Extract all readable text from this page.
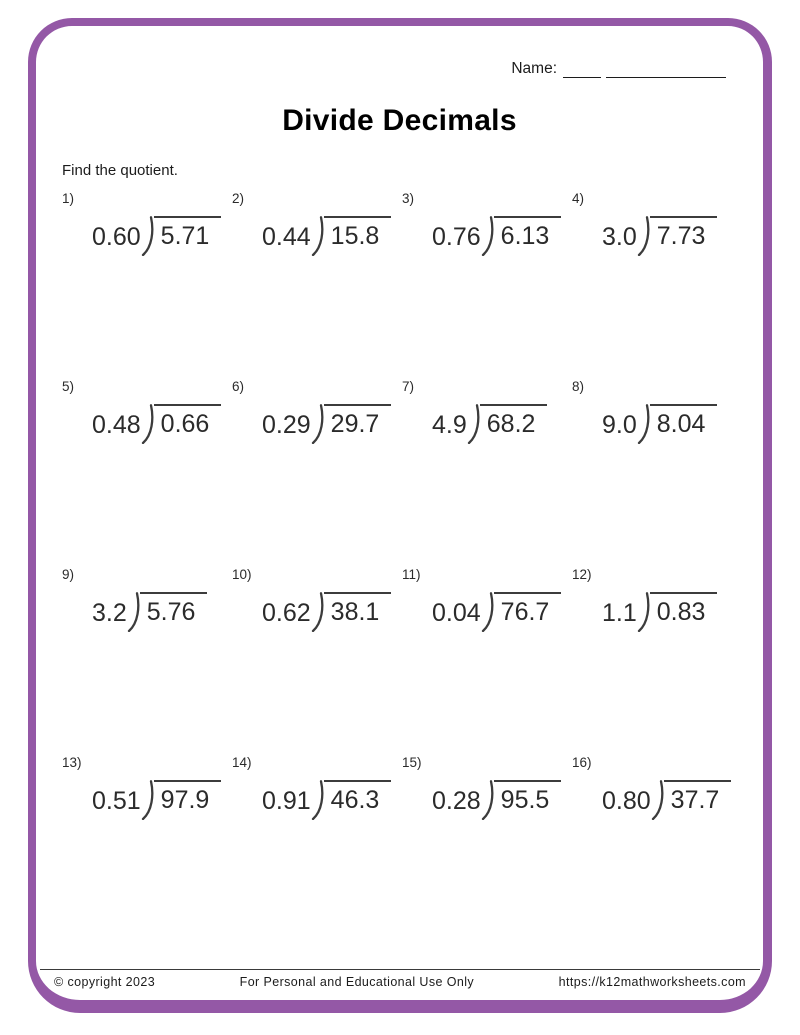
Name:
Divide Decimals
Find the quotient.
1)
0.60 5.71
2)
0.44 15.8
3)
0.76 6.13
4)
3.0 7.73
5)
0.48 0.66
6)
0.29 29.7
7)
4.9 68.2
8)
9.0 8.04
9)
3.2 5.76
10)
0.62 38.1
11)
0.04 76.7
12)
1.1 0.83
13)
0.51 97.9
14)
0.91 46.3
15)
0.28 95.5
16)
0.80 37.7
© copyright 2023	For Personal and Educational Use Only	https://k12mathworksheets.com
